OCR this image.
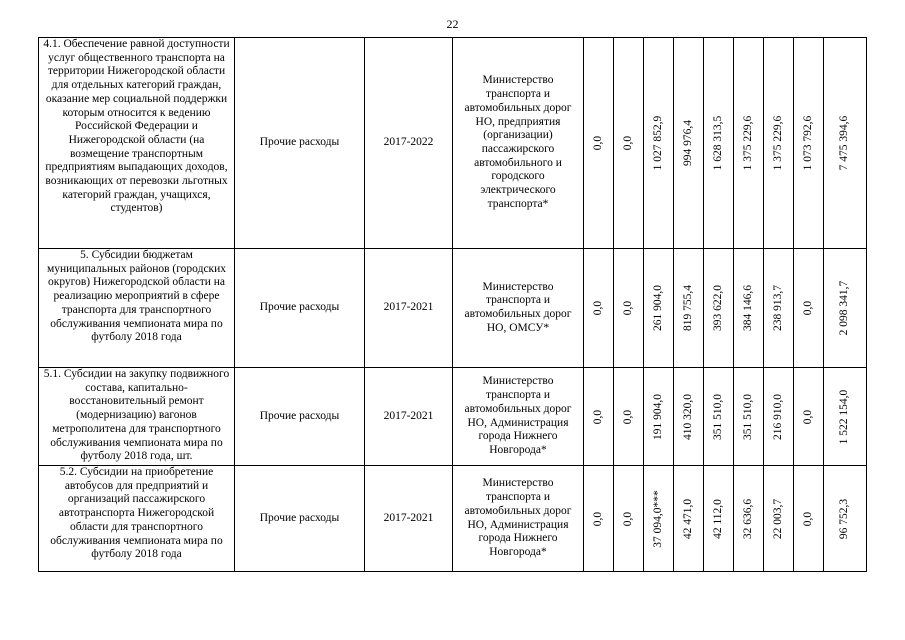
22
4.1. Обеспечение равной доступности услуг общественного транспорта на территории Нижегородской области для отдельных категорий граждан, оказание мер социальной поддержки которым относится к ведению Российской Федерации и Нижегородской области (на возмещение транспортным предприятиям выпадающих доходов, возникающих от перевозки льготных категорий граждан, учащихся, студентов)	Прочие расходы	2017-2022	Министерство транспорта и автомобильных дорог НО, предприятия (организации) пассажирского автомобильного и городского электрического транспорта*	0,0	0,0	1 027 852,9	994 976,4	1 628 313,5	1 375 229,6	1 375 229,6	1 073 792,6	7 475 394,6

5. Субсидии бюджетам муниципальных районов (городских округов) Нижегородской области на реализацию мероприятий в сфере транспорта для транспортного обслуживания чемпионата мира по футболу 2018 года	Прочие расходы	2017-2021	Министерство транспорта и автомобильных дорог НО, ОМСУ*	0,0	0,0	261 904,0	819 755,4	393 622,0	384 146,6	238 913,7	0,0	2 098 341,7

5.1. Субсидии на закупку подвижного состава, капитально-восстановительный ремонт (модернизацию) вагонов метрополитена для транспортного обслуживания чемпионата мира по футболу 2018 года, шт.	Прочие расходы	2017-2021	Министерство транспорта и автомобильных дорог НО, Администрация города Нижнего Новгорода*	0,0	0,0	191 904,0	410 320,0	351 510,0	351 510,0	216 910,0	0,0	1 522 154,0

5.2. Субсидии на приобретение автобусов для предприятий и организаций пассажирского автотранспорта Нижегородской области для транспортного обслуживания чемпионата мира по футболу 2018 года	Прочие расходы	2017-2021	Министерство транспорта и автомобильных дорог НО, Администрация города Нижнего Новгорода*	0,0	0,0	37 094,0***	42 471,0	42 112,0	32 636,6	22 003,7	0,0	96 752,3
